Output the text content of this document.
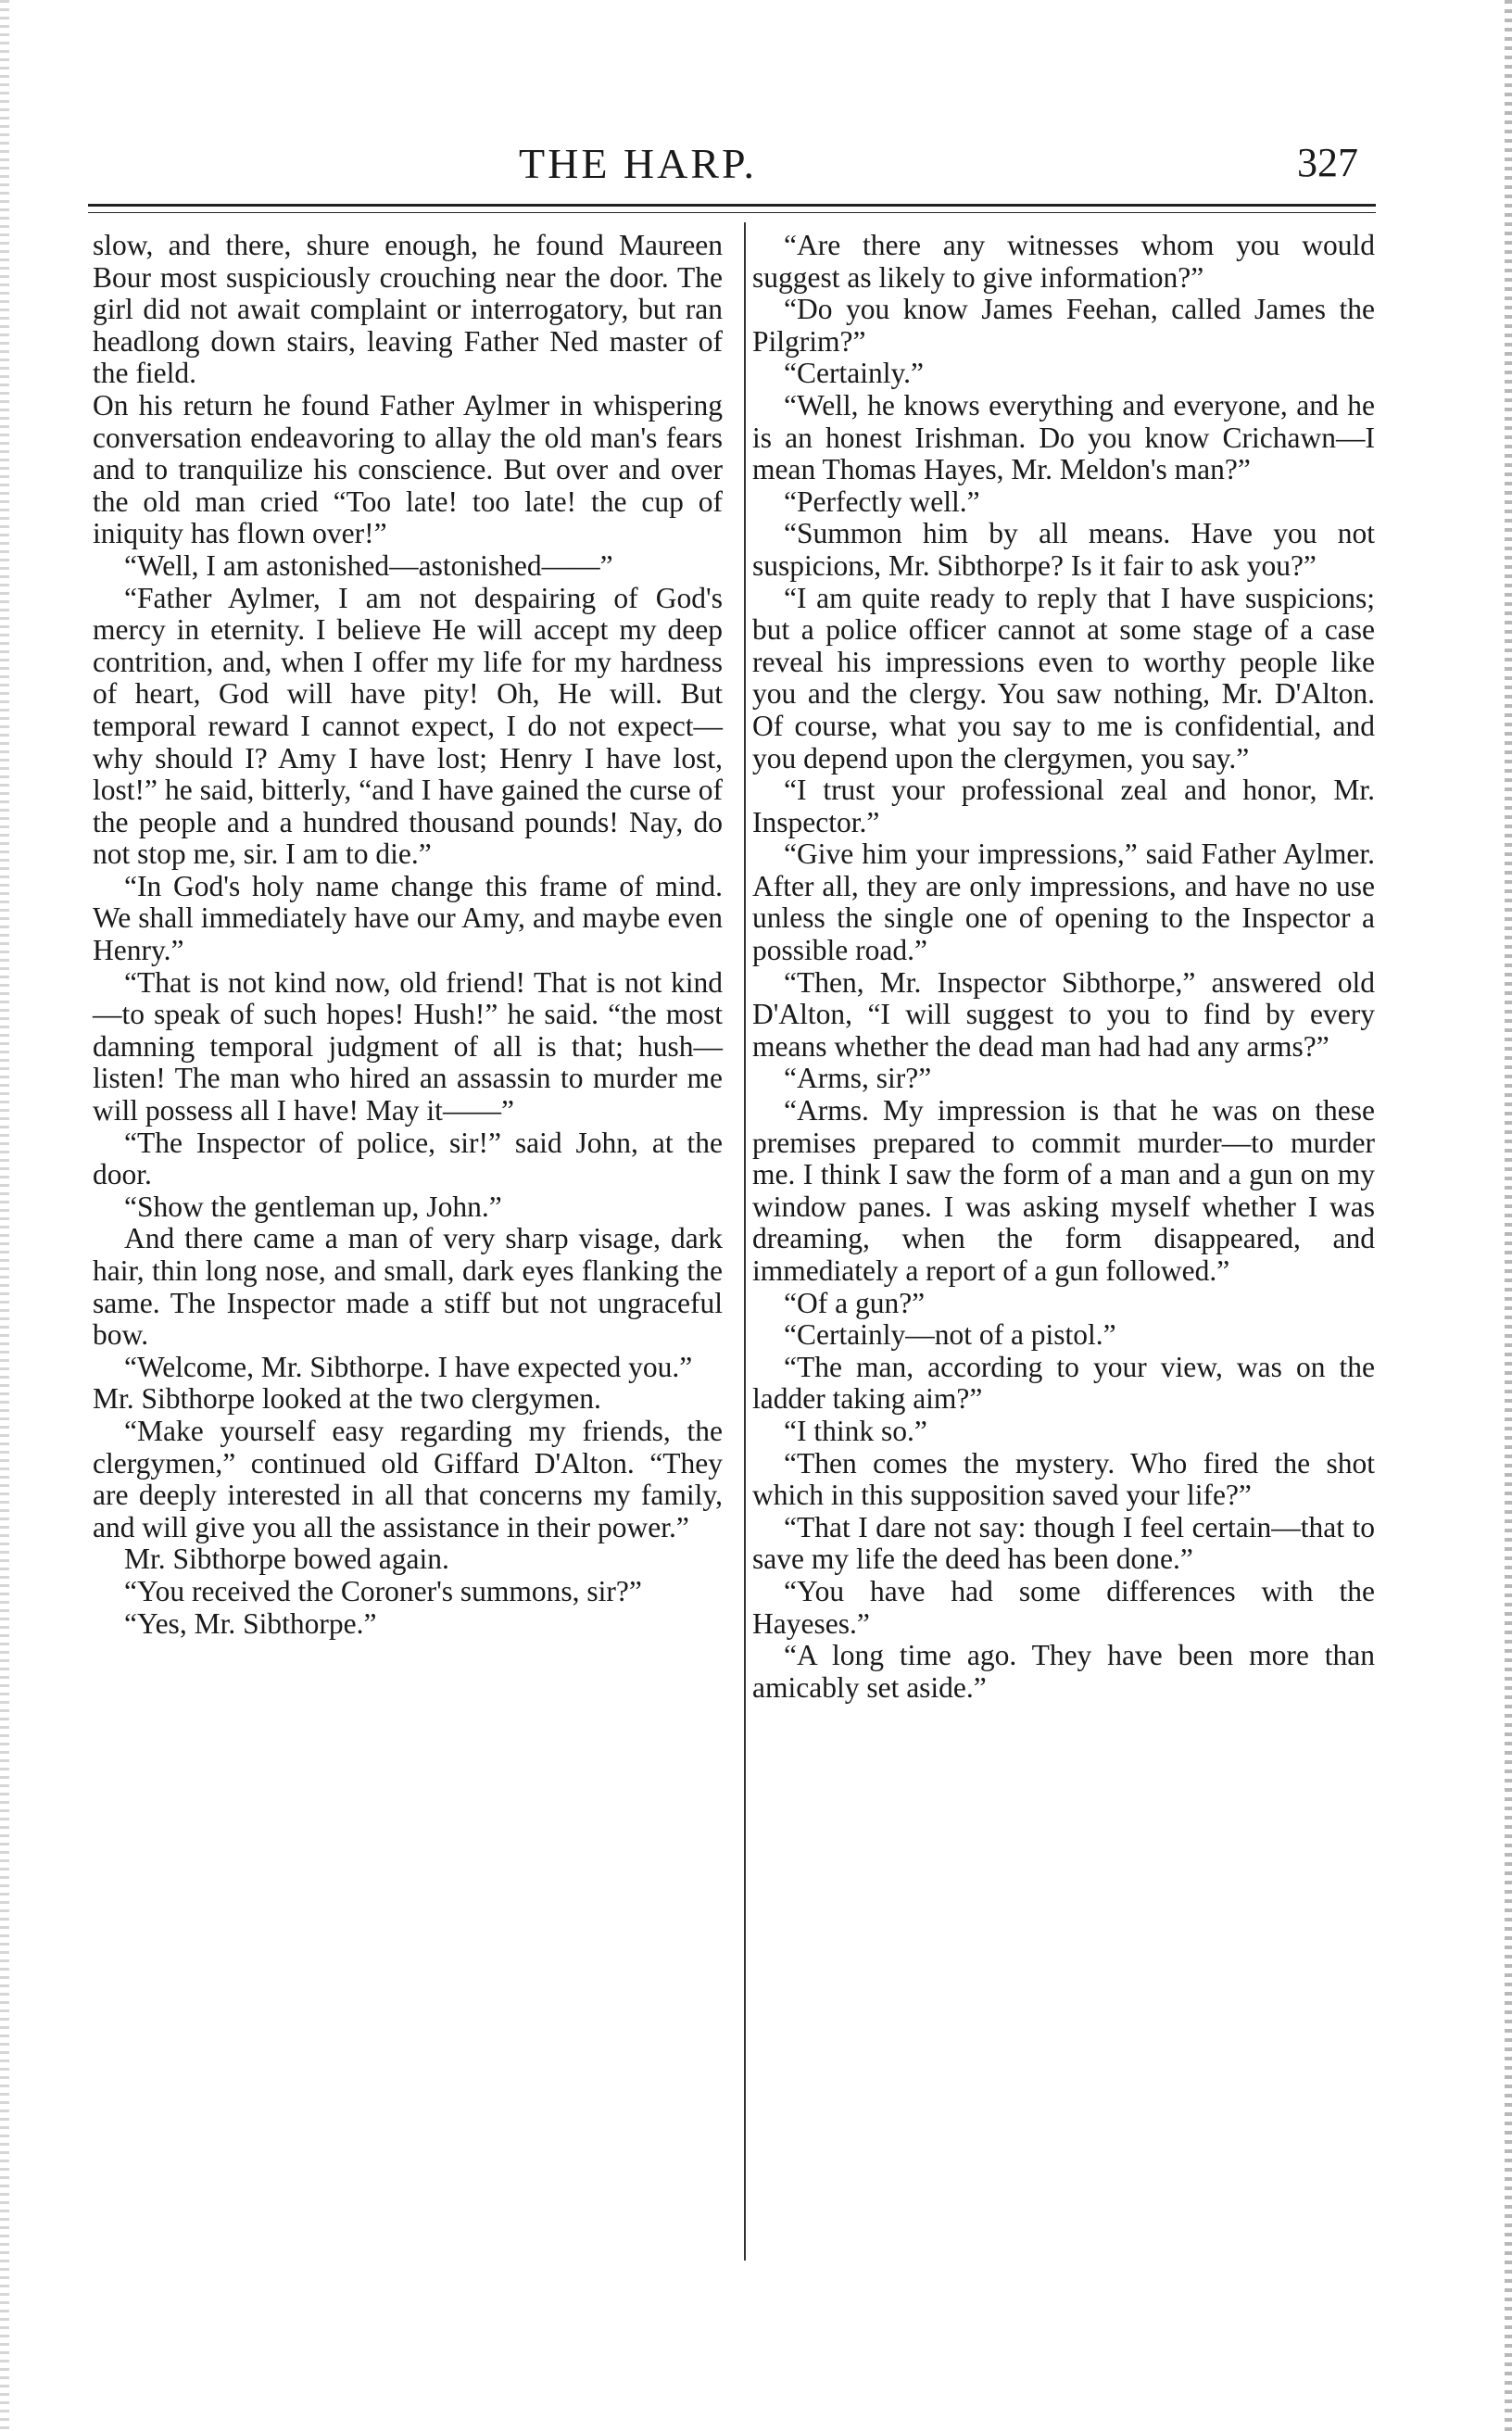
THE HARP.	327

slow, and there, shure enough, he found Maureen Bour most suspiciously crouching near the door. The girl did not await complaint or interrogatory, but ran headlong down stairs, leaving Father Ned master of the field.

On his return he found Father Aylmer in whispering conversation endeavoring to allay the old man's fears and to tranquilize his conscience. But over and over the old man cried “Too late! too late! the cup of iniquity has flown over!”

“Well, I am astonished—astonished——”

“Father Aylmer, I am not despairing of God's mercy in eternity. I believe He will accept my deep contrition, and, when I offer my life for my hardness of heart, God will have pity! Oh, He will. But temporal reward I cannot expect, I do not expect—why should I? Amy I have lost; Henry I have lost, lost!” he said, bitterly, “and I have gained the curse of the people and a hundred thousand pounds! Nay, do not stop me, sir. I am to die.”

“In God's holy name change this frame of mind. We shall immediately have our Amy, and maybe even Henry.”

“That is not kind now, old friend! That is not kind—to speak of such hopes! Hush!” he said. “the most damning temporal judgment of all is that; hush—listen! The man who hired an assassin to murder me will possess all I have! May it——”

“The Inspector of police, sir!” said John, at the door.

“Show the gentleman up, John.”

And there came a man of very sharp visage, dark hair, thin long nose, and small, dark eyes flanking the same. The Inspector made a stiff but not ungraceful bow.

“Welcome, Mr. Sibthorpe. I have expected you.”

Mr. Sibthorpe looked at the two clergymen.

“Make yourself easy regarding my friends, the clergymen,” continued old Giffard D'Alton. “They are deeply interested in all that concerns my family, and will give you all the assistance in their power.”

Mr. Sibthorpe bowed again.

“You received the Coroner's summons, sir?”

“Yes, Mr. Sibthorpe.”

“Are there any witnesses whom you would suggest as likely to give information?”

“Do you know James Feehan, called James the Pilgrim?”

“Certainly.”

“Well, he knows everything and everyone, and he is an honest Irishman. Do you know Crichawn—I mean Thomas Hayes, Mr. Meldon's man?”

“Perfectly well.”

“Summon him by all means. Have you not suspicions, Mr. Sibthorpe? Is it fair to ask you?”

“I am quite ready to reply that I have suspicions; but a police officer cannot at some stage of a case reveal his impressions even to worthy people like you and the clergy. You saw nothing, Mr. D'Alton. Of course, what you say to me is confidential, and you depend upon the clergymen, you say.”

“I trust your professional zeal and honor, Mr. Inspector.”

“Give him your impressions,” said Father Aylmer. After all, they are only impressions, and have no use unless the single one of opening to the Inspector a possible road.”

“Then, Mr. Inspector Sibthorpe,” answered old D'Alton, “I will suggest to you to find by every means whether the dead man had had any arms?”

“Arms, sir?”

“Arms. My impression is that he was on these premises prepared to commit murder—to murder me. I think I saw the form of a man and a gun on my window panes. I was asking myself whether I was dreaming, when the form disappeared, and immediately a report of a gun followed.”

“Of a gun?”

“Certainly—not of a pistol.”

“The man, according to your view, was on the ladder taking aim?”

“I think so.”

“Then comes the mystery. Who fired the shot which in this supposition saved your life?”

“That I dare not say: though I feel certain—that to save my life the deed has been done.”

“You have had some differences with the Hayeses.”

“A long time ago. They have been more than amicably set aside.”
